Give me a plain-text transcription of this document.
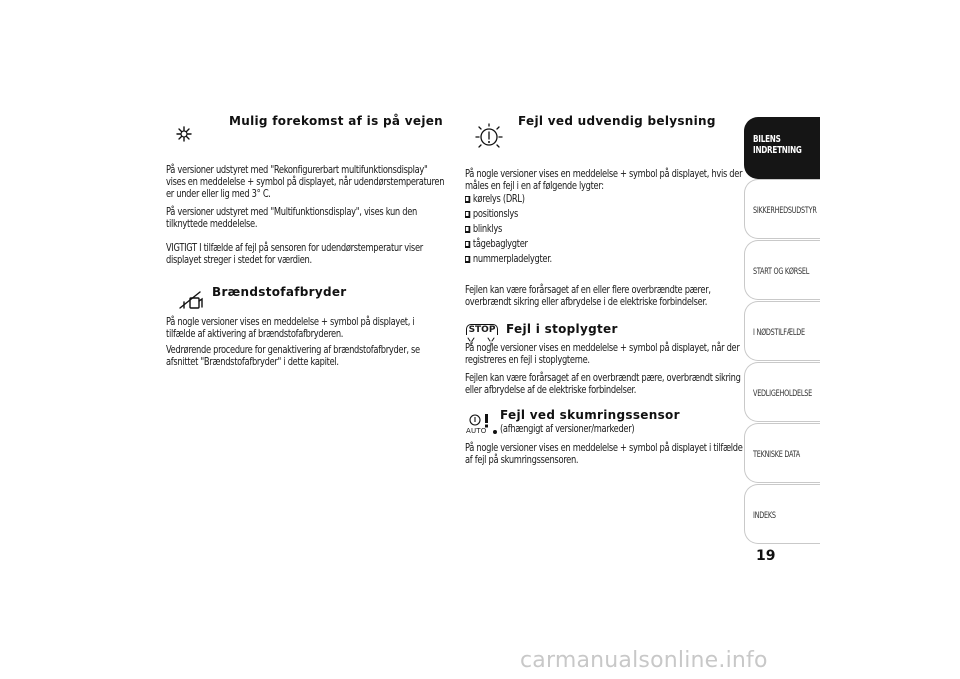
Mulig forekomst af is på vejen

På versioner udstyret med "Rekonfigurerbart multifunktionsdisplay"

vises en meddelelse + symbol på displayet, når udendørstemperaturen

er under eller lig med 3° C.

På versioner udstyret med "Multifunktionsdisplay", vises kun den

tilknyttede meddelelse.

VIGTIGT I tilfælde af fejl på sensoren for udendørstemperatur viser

displayet streger i stedet for værdien.

Brændstofafbryder

På nogle versioner vises en meddelelse + symbol på displayet, i

tilfælde af aktivering af brændstofafbryderen.

Vedrørende procedure for genaktivering af brændstofafbryder, se

afsnittet "Brændstofafbryder" i dette kapitel.

Fejl ved udvendig belysning

På nogle versioner vises en meddelelse + symbol på displayet, hvis der

måles en fejl i en af følgende lygter:

kørelys (DRL)
positionslys
blinklys
tågebaglygter
nummerpladelygter.

Fejlen kan være forårsaget af en eller flere overbrændte pærer,

overbrændt sikring eller afbrydelse i de elektriske forbindelser.

STOP Fejl i stoplygter

På nogle versioner vises en meddelelse + symbol på displayet, når der

registreres en fejl i stoplygterne.

Fejlen kan være forårsaget af en overbrændt pære, overbrændt sikring

eller afbrydelse af de elektriske forbindelser.

AUTO
Fejl ved skumringssensor

(afhængigt af versioner/markeder)

På nogle versioner vises en meddelelse + symbol på displayet i tilfælde

af fejl på skumringssensoren.

BILENS INDRETNING
SIKKERHEDSUDSTYR
START OG KØRSEL
I NØDSTILFÆLDE
VEDLIGEHOLDELSE
TEKNISKE DATA
INDEKS
19
carmanualsonline.info
